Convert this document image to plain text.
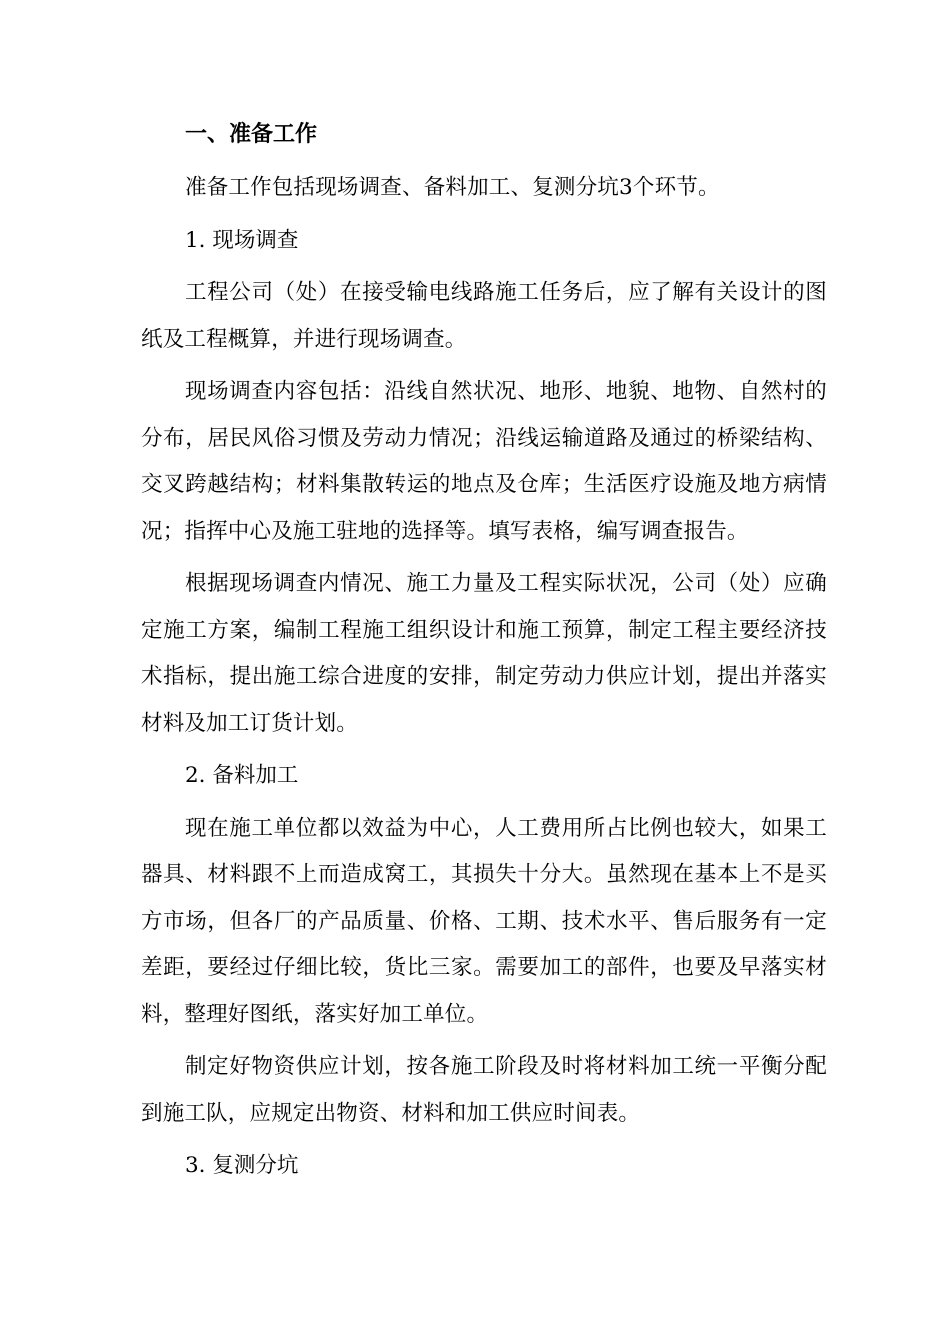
一、准备工作

准备工作包括现场调查、备料加工、复测分坑3个环节。

1. 现场调查

工程公司（处）在接受输电线路施工任务后，应了解有关设计的图纸及工程概算，并进行现场调查。

现场调查内容包括：沿线自然状况、地形、地貌、地物、自然村的分布，居民风俗习惯及劳动力情况；沿线运输道路及通过的桥梁结构、交叉跨越结构；材料集散转运的地点及仓库；生活医疗设施及地方病情况；指挥中心及施工驻地的选择等。填写表格，编写调查报告。

根据现场调查内情况、施工力量及工程实际状况，公司（处）应确定施工方案，编制工程施工组织设计和施工预算，制定工程主要经济技术指标，提出施工综合进度的安排，制定劳动力供应计划，提出并落实材料及加工订货计划。

2. 备料加工

现在施工单位都以效益为中心，人工费用所占比例也较大，如果工器具、材料跟不上而造成窝工，其损失十分大。虽然现在基本上不是买方市场，但各厂的产品质量、价格、工期、技术水平、售后服务有一定差距，要经过仔细比较，货比三家。需要加工的部件，也要及早落实材料，整理好图纸，落实好加工单位。

制定好物资供应计划，按各施工阶段及时将材料加工统一平衡分配到施工队，应规定出物资、材料和加工供应时间表。

3. 复测分坑
